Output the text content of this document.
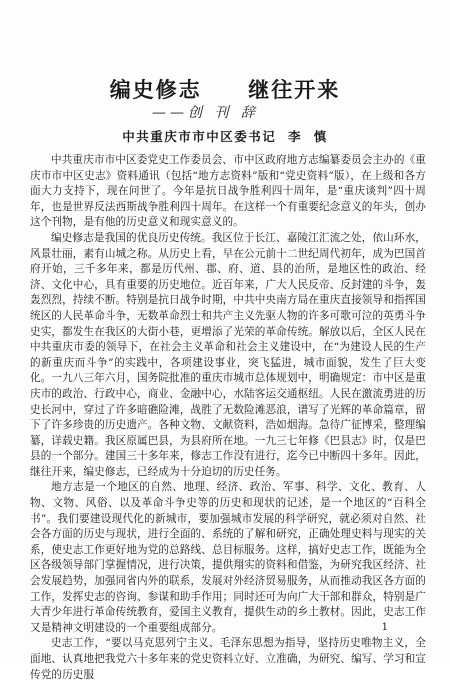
编史修志  继往开来
——创 刊 辞
中共重庆市市中区委书记  李  慎

中共重庆市市中区委党史工作委员会、市中区政府地方志编纂委员会主办的《重庆市市中区史志》资料通讯（包括“地方志资料”版和“党史资料”版），在上级和各方面大力支持下，现在问世了。今年是抗日战争胜利四十周年，是“重庆谈判”四十周年，也是世界反法西斯战争胜利四十周年。在这样一个有重要纪念意义的年头，创办这个刊物，是有他的历史意义和现实意义的。

编史修志是我国的优良历史传统。我区位于长江、嘉陵江汇流之处，依山环水，风景壮丽，素有山城之称。从历史上看，早在公元前十二世纪周代初年，成为巴国首府开始，三千多年来，都是历代州、郡、府、道、县的治所，是地区性的政治、经济、文化中心，具有重要的历史地位。近百年来，广大人民反帝、反封建的斗争，轰轰烈烈，持续不断。特别是抗日战争时期，中共中央南方局在重庆直接领导和指挥国统区的人民革命斗争，无数革命烈士和共产主义先驱人物的许多可歌可泣的英勇斗争史实，都发生在我区的大街小巷，更增添了光荣的革命传统。解放以后，全区人民在中共重庆市委的领导下，在社会主义革命和社会主义建设中，在“为建设人民的生产的新重庆而斗争”的实践中，各项建设事业，突飞猛进，城市面貌，发生了巨大变化。一九八三年六月，国务院批准的重庆市城市总体规划中，明确规定：市中区是重庆市的政治、行政中心，商业、金融中心，水陆客运交通枢纽。人民在激流勇进的历史长河中，穿过了许多暗礁险滩，战胜了无数险滩恶浪，谱写了光辉的革命篇章，留下了许多珍贵的历史遗产。各种文物、文献资料，浩如烟海。急待广征博采，整理编纂，详载史籍。我区原属巴县，为县府所在地。一九三七年修《巴县志》时，仅是巴县的一个部分。建国三十多年来，修志工作没有进行，迄今已中断四十多年。因此，继往开来，编史修志，已经成为十分迫切的历史任务。

地方志是一个地区的自然、地理、经济、政治、军事、科学、文化、教育、人物、文物、风俗、以及革命斗争史等的历史和现状的记述，是一个地区的“百科全书”。我们要建设现代化的新城市，要加强城市发展的科学研究，就必须对自然、社会各方面的历史与现状，进行全面的、系统的了解和研究，正确处理史料与现实的关系，使史志工作更好地为党的总路线、总目标服务。这样，搞好史志工作，既能为全区各级领导部门掌握情况，进行决策，提供翔实的资料和借鉴，为研究我区经济、社会发展趋势，加强同省内外的联系，发展对外经济贸易服务，从而推动我区各方面的工作，发挥史志的咨询、参谋和助手作用；同时还可为向广大干部和群众，特别是广大青少年进行革命传统教育，爱国主义教育，提供生动的乡土教材。因此，史志工作又是精神文明建设的一个重要组成部分。

史志工作，“要以马克思列宁主义、毛泽东思想为指导，坚持历史唯物主义，全面地、认真地把我党六十多年来的党史资料立好、立准确，为研究、编写、学习和宣传党的历史服

1
